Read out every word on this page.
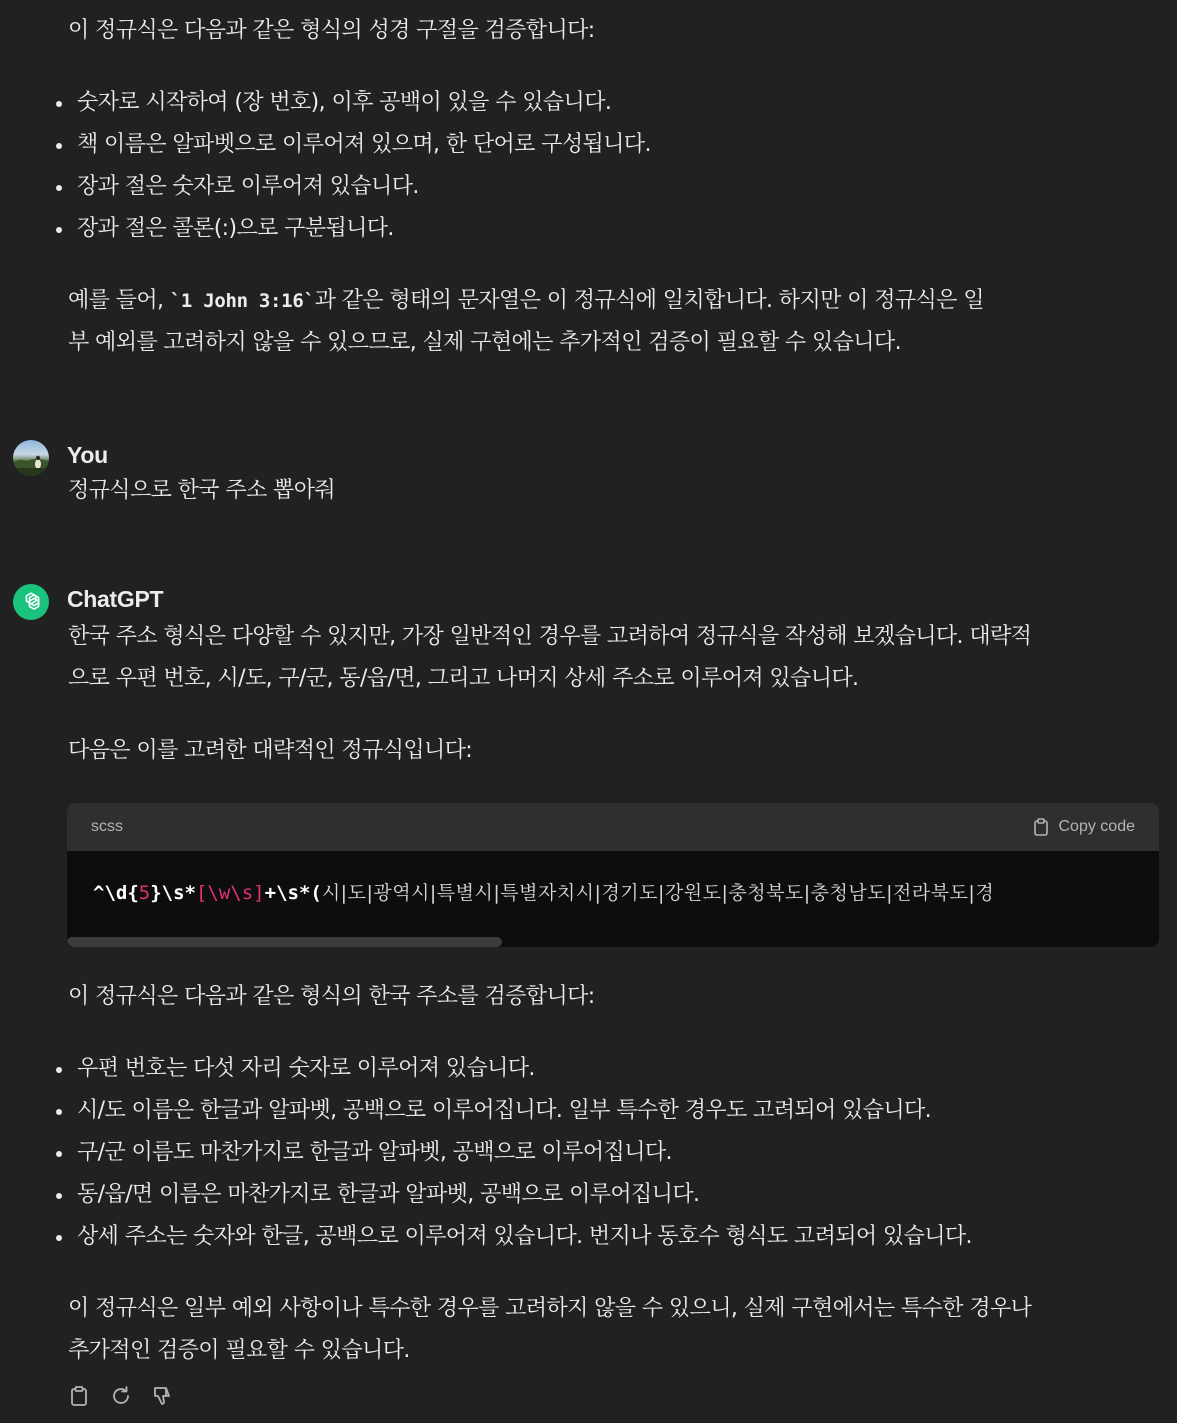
이 정규식은 다음과 같은 형식의 성경 구절을 검증합니다:
숫자로 시작하여 (장 번호), 이후 공백이 있을 수 있습니다.
책 이름은 알파벳으로 이루어져 있으며, 한 단어로 구성됩니다.
장과 절은 숫자로 이루어져 있습니다.
장과 절은 콜론(:)으로 구분됩니다.
예를 들어, `1 John 3:16`과 같은 형태의 문자열은 이 정규식에 일치합니다. 하지만 이 정규식은 일
부 예외를 고려하지 않을 수 있으므로, 실제 구현에는 추가적인 검증이 필요할 수 있습니다.
You
정규식으로 한국 주소 뽑아줘
ChatGPT
한국 주소 형식은 다양할 수 있지만, 가장 일반적인 경우를 고려하여 정규식을 작성해 보겠습니다. 대략적
으로 우편 번호, 시/도, 구/군, 동/읍/면, 그리고 나머지 상세 주소로 이루어져 있습니다.
다음은 이를 고려한 대략적인 정규식입니다:
scss	Copy code
^\d{5}\s*[\w\s]+\s*(시|도|광역시|특별시|특별자치시|경기도|강원도|충청북도|충청남도|전라북도|경
이 정규식은 다음과 같은 형식의 한국 주소를 검증합니다:
우편 번호는 다섯 자리 숫자로 이루어져 있습니다.
시/도 이름은 한글과 알파벳, 공백으로 이루어집니다. 일부 특수한 경우도 고려되어 있습니다.
구/군 이름도 마찬가지로 한글과 알파벳, 공백으로 이루어집니다.
동/읍/면 이름은 마찬가지로 한글과 알파벳, 공백으로 이루어집니다.
상세 주소는 숫자와 한글, 공백으로 이루어져 있습니다. 번지나 동호수 형식도 고려되어 있습니다.
이 정규식은 일부 예외 사항이나 특수한 경우를 고려하지 않을 수 있으니, 실제 구현에서는 특수한 경우나
추가적인 검증이 필요할 수 있습니다.
